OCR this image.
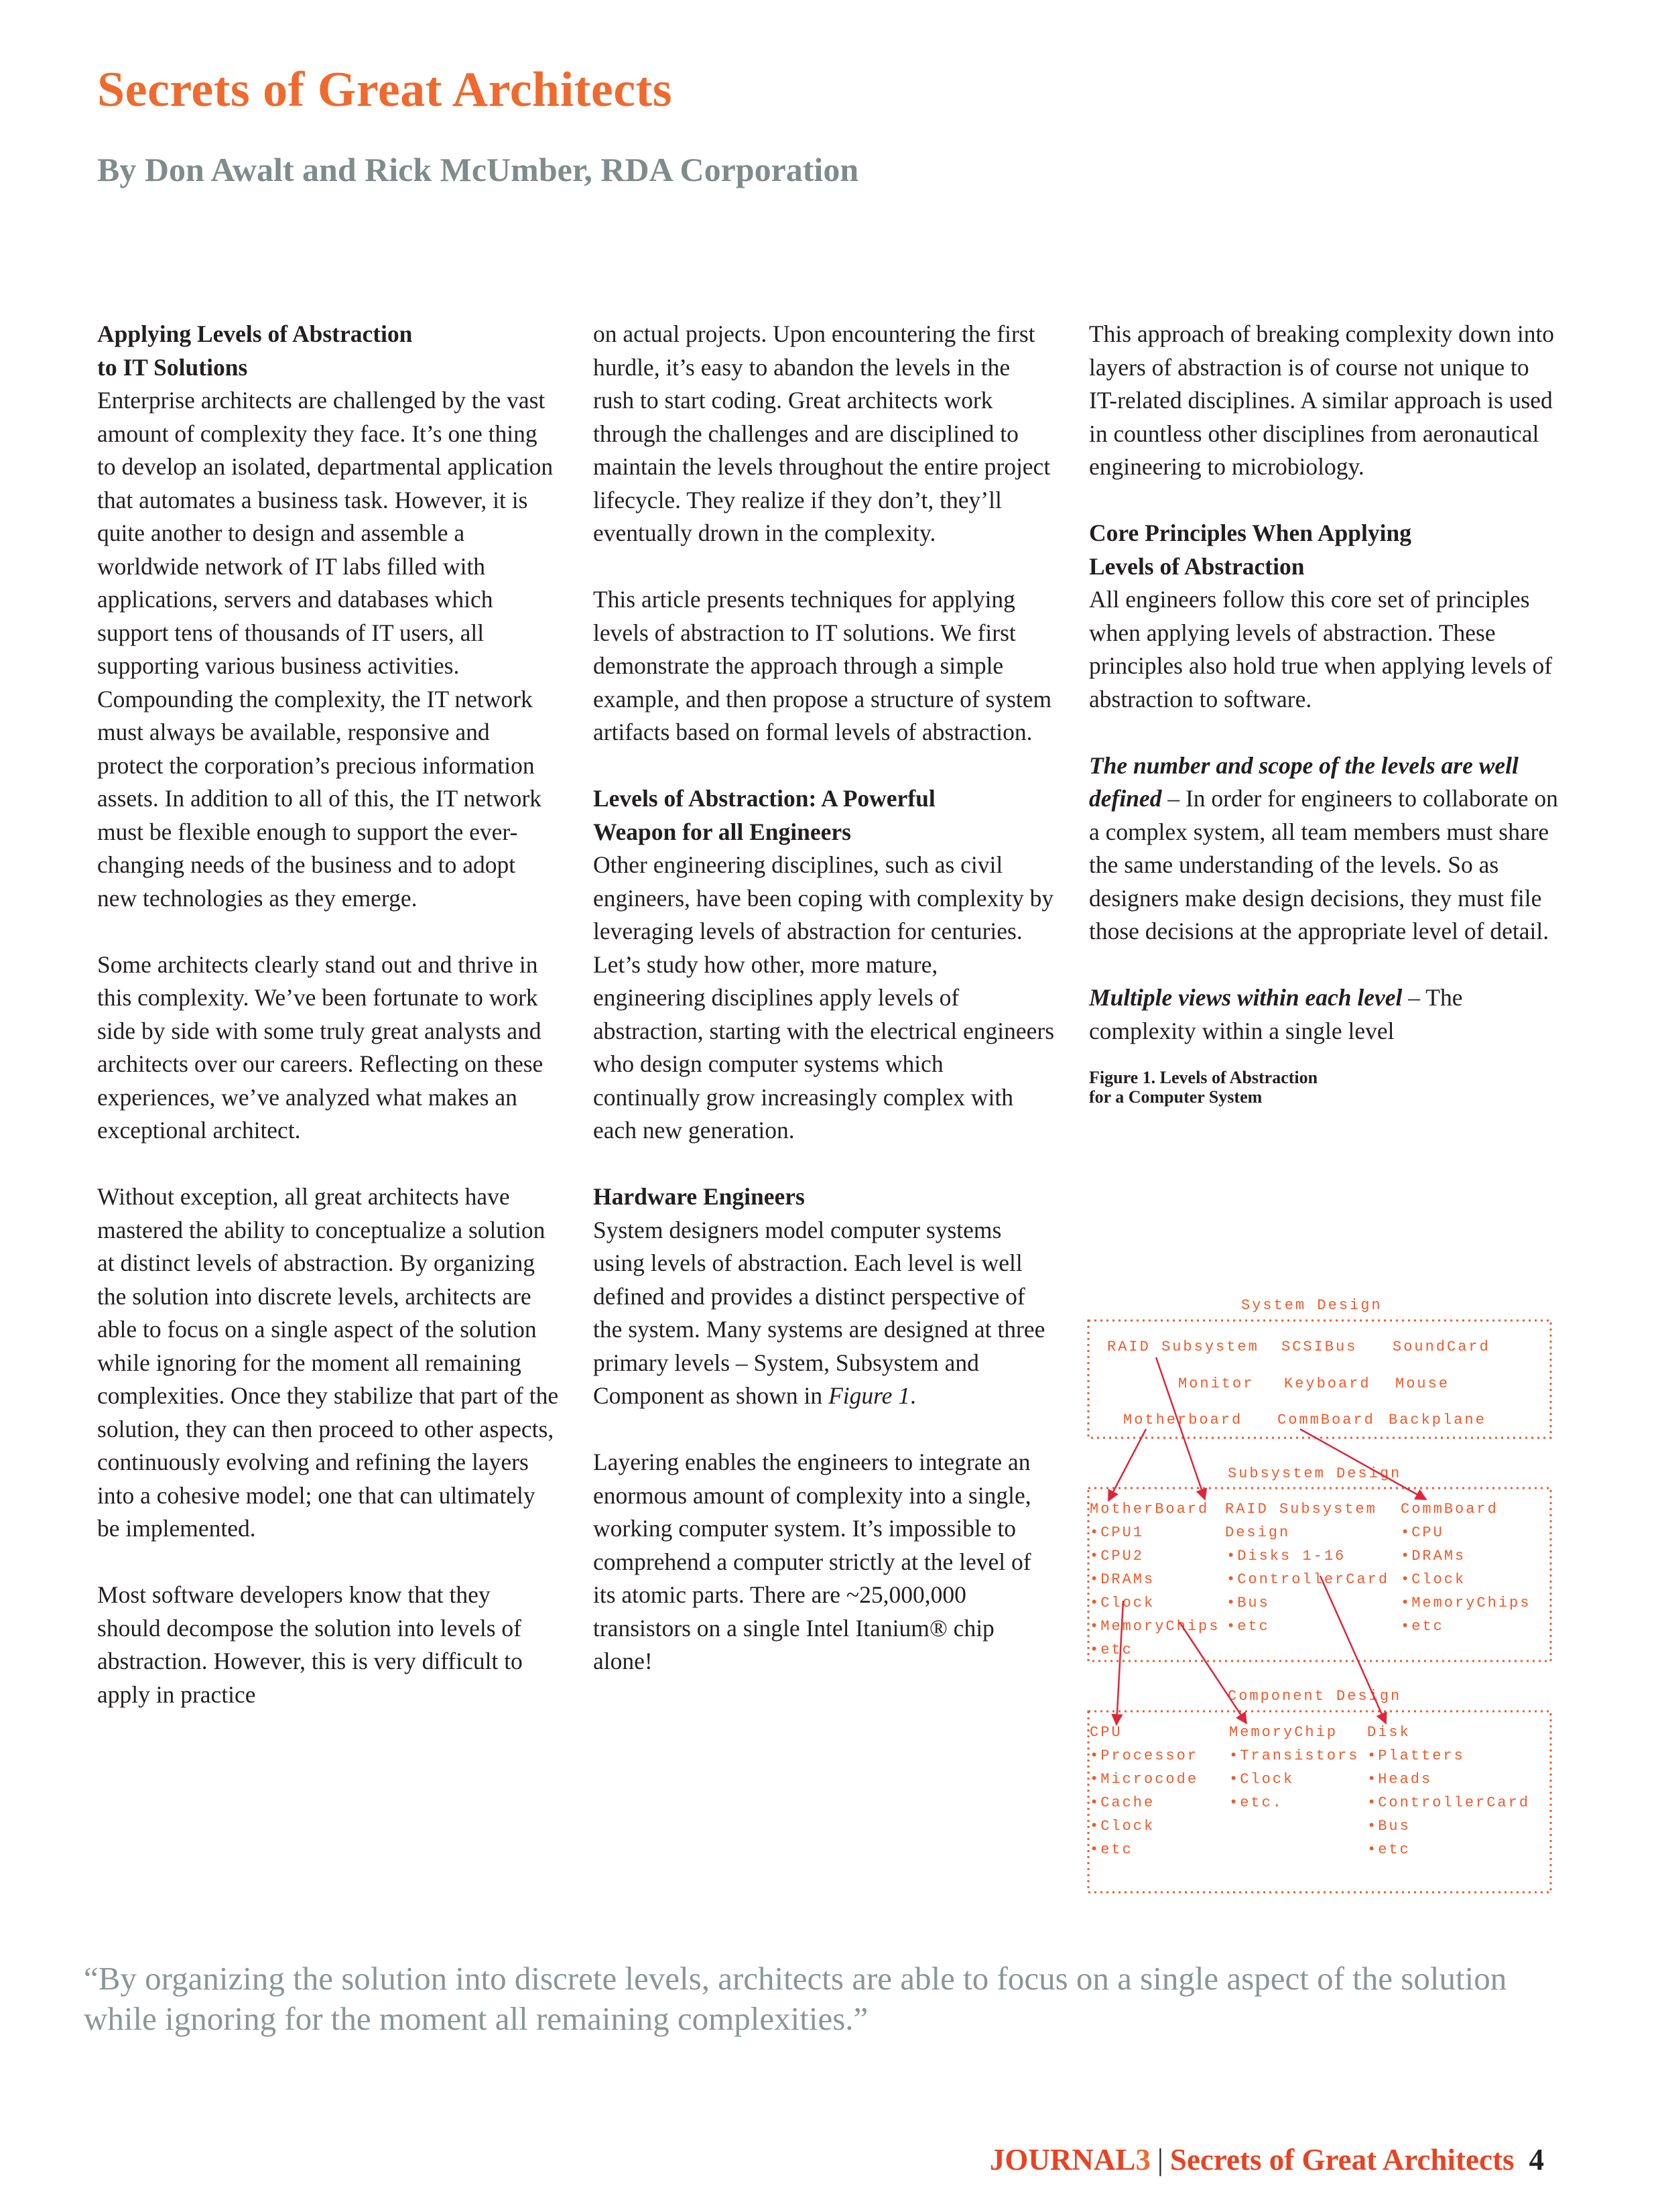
Secrets of Great Architects
By Don Awalt and Rick McUmber, RDA Corporation

Applying Levels of Abstraction
to IT Solutions
Enterprise architects are challenged by the vast amount of complexity they face. It’s one thing to develop an isolated, departmental application that automates a business task. However, it is quite another to design and assemble a worldwide network of IT labs filled with applications, servers and databases which support tens of thousands of IT users, all supporting various business activities. Compounding the complexity, the IT network must always be available, responsive and protect the corporation’s precious information assets. In addition to all of this, the IT network must be flexible enough to support the ever-changing needs of the business and to adopt new technologies as they emerge.

Some architects clearly stand out and thrive in this complexity. We’ve been fortunate to work side by side with some truly great analysts and architects over our careers. Reflecting on these experiences, we’ve analyzed what makes an exceptional architect.

Without exception, all great architects have mastered the ability to conceptualize a solution at distinct levels of abstraction. By organizing the solution into discrete levels, architects are able to focus on a single aspect of the solution while ignoring for the moment all remaining complexities. Once they stabilize that part of the solution, they can then proceed to other aspects, continuously evolving and refining the layers into a cohesive model; one that can ultimately be implemented.

Most software developers know that they should decompose the solution into levels of abstraction. However, this is very difficult to apply in practice

on actual projects. Upon encountering the first hurdle, it’s easy to abandon the levels in the rush to start coding. Great architects work through the challenges and are disciplined to maintain the levels throughout the entire project lifecycle. They realize if they don’t, they’ll eventually drown in the complexity.

This article presents techniques for applying levels of abstraction to IT solutions. We first demonstrate the approach through a simple example, and then propose a structure of system artifacts based on formal levels of abstraction.

Levels of Abstraction: A Powerful
Weapon for all Engineers
Other engineering disciplines, such as civil engineers, have been coping with complexity by leveraging levels of abstraction for centuries. Let’s study how other, more mature, engineering disciplines apply levels of abstraction, starting with the electrical engineers who design computer systems which continually grow increasingly complex with each new generation.

Hardware Engineers
System designers model computer systems using levels of abstraction. Each level is well defined and provides a distinct perspective of the system. Many systems are designed at three primary levels – System, Subsystem and Component as shown in Figure 1.

Layering enables the engineers to integrate an enormous amount of complexity into a single, working computer system. It’s impossible to comprehend a computer strictly at the level of its atomic parts. There are ~25,000,000 transistors on a single Intel Itanium® chip alone!

This approach of breaking complexity down into layers of abstraction is of course not unique to IT-related disciplines. A similar approach is used in countless other disciplines from aeronautical engineering to microbiology.

Core Principles When Applying
Levels of Abstraction
All engineers follow this core set of principles when applying levels of abstraction. These principles also hold true when applying levels of abstraction to software.

The number and scope of the levels are well defined – In order for engineers to collaborate on a complex system, all team members must share the same understanding of the levels. So as designers make design decisions, they must file those decisions at the appropriate level of detail.

Multiple views within each level – The complexity within a single level

Figure 1. Levels of Abstraction
for a Computer System

System Design
RAID Subsystem SCSIBus SoundCard
Monitor Keyboard Mouse
Motherboard CommBoard Backplane
Subsystem Design
MotherBoard
•CPU1
•CPU2
•DRAMs
•Clock
•MemoryChips
•etc
RAID Subsystem
Design
•Disks 1-16
•ControllerCard
•Bus
•etc
CommBoard
•CPU
•DRAMs
•Clock
•MemoryChips
•etc
Component Design
CPU
•Processor
•Microcode
•Cache
•Clock
•etc
MemoryChip
•Transistors
•Clock
•etc.
Disk
•Platters
•Heads
•ControllerCard
•Bus
•etc

“By organizing the solution into discrete levels, architects are able to focus on a single aspect of the solution while ignoring for the moment all remaining complexities.”

JOURNAL3 | Secrets of Great Architects 4
